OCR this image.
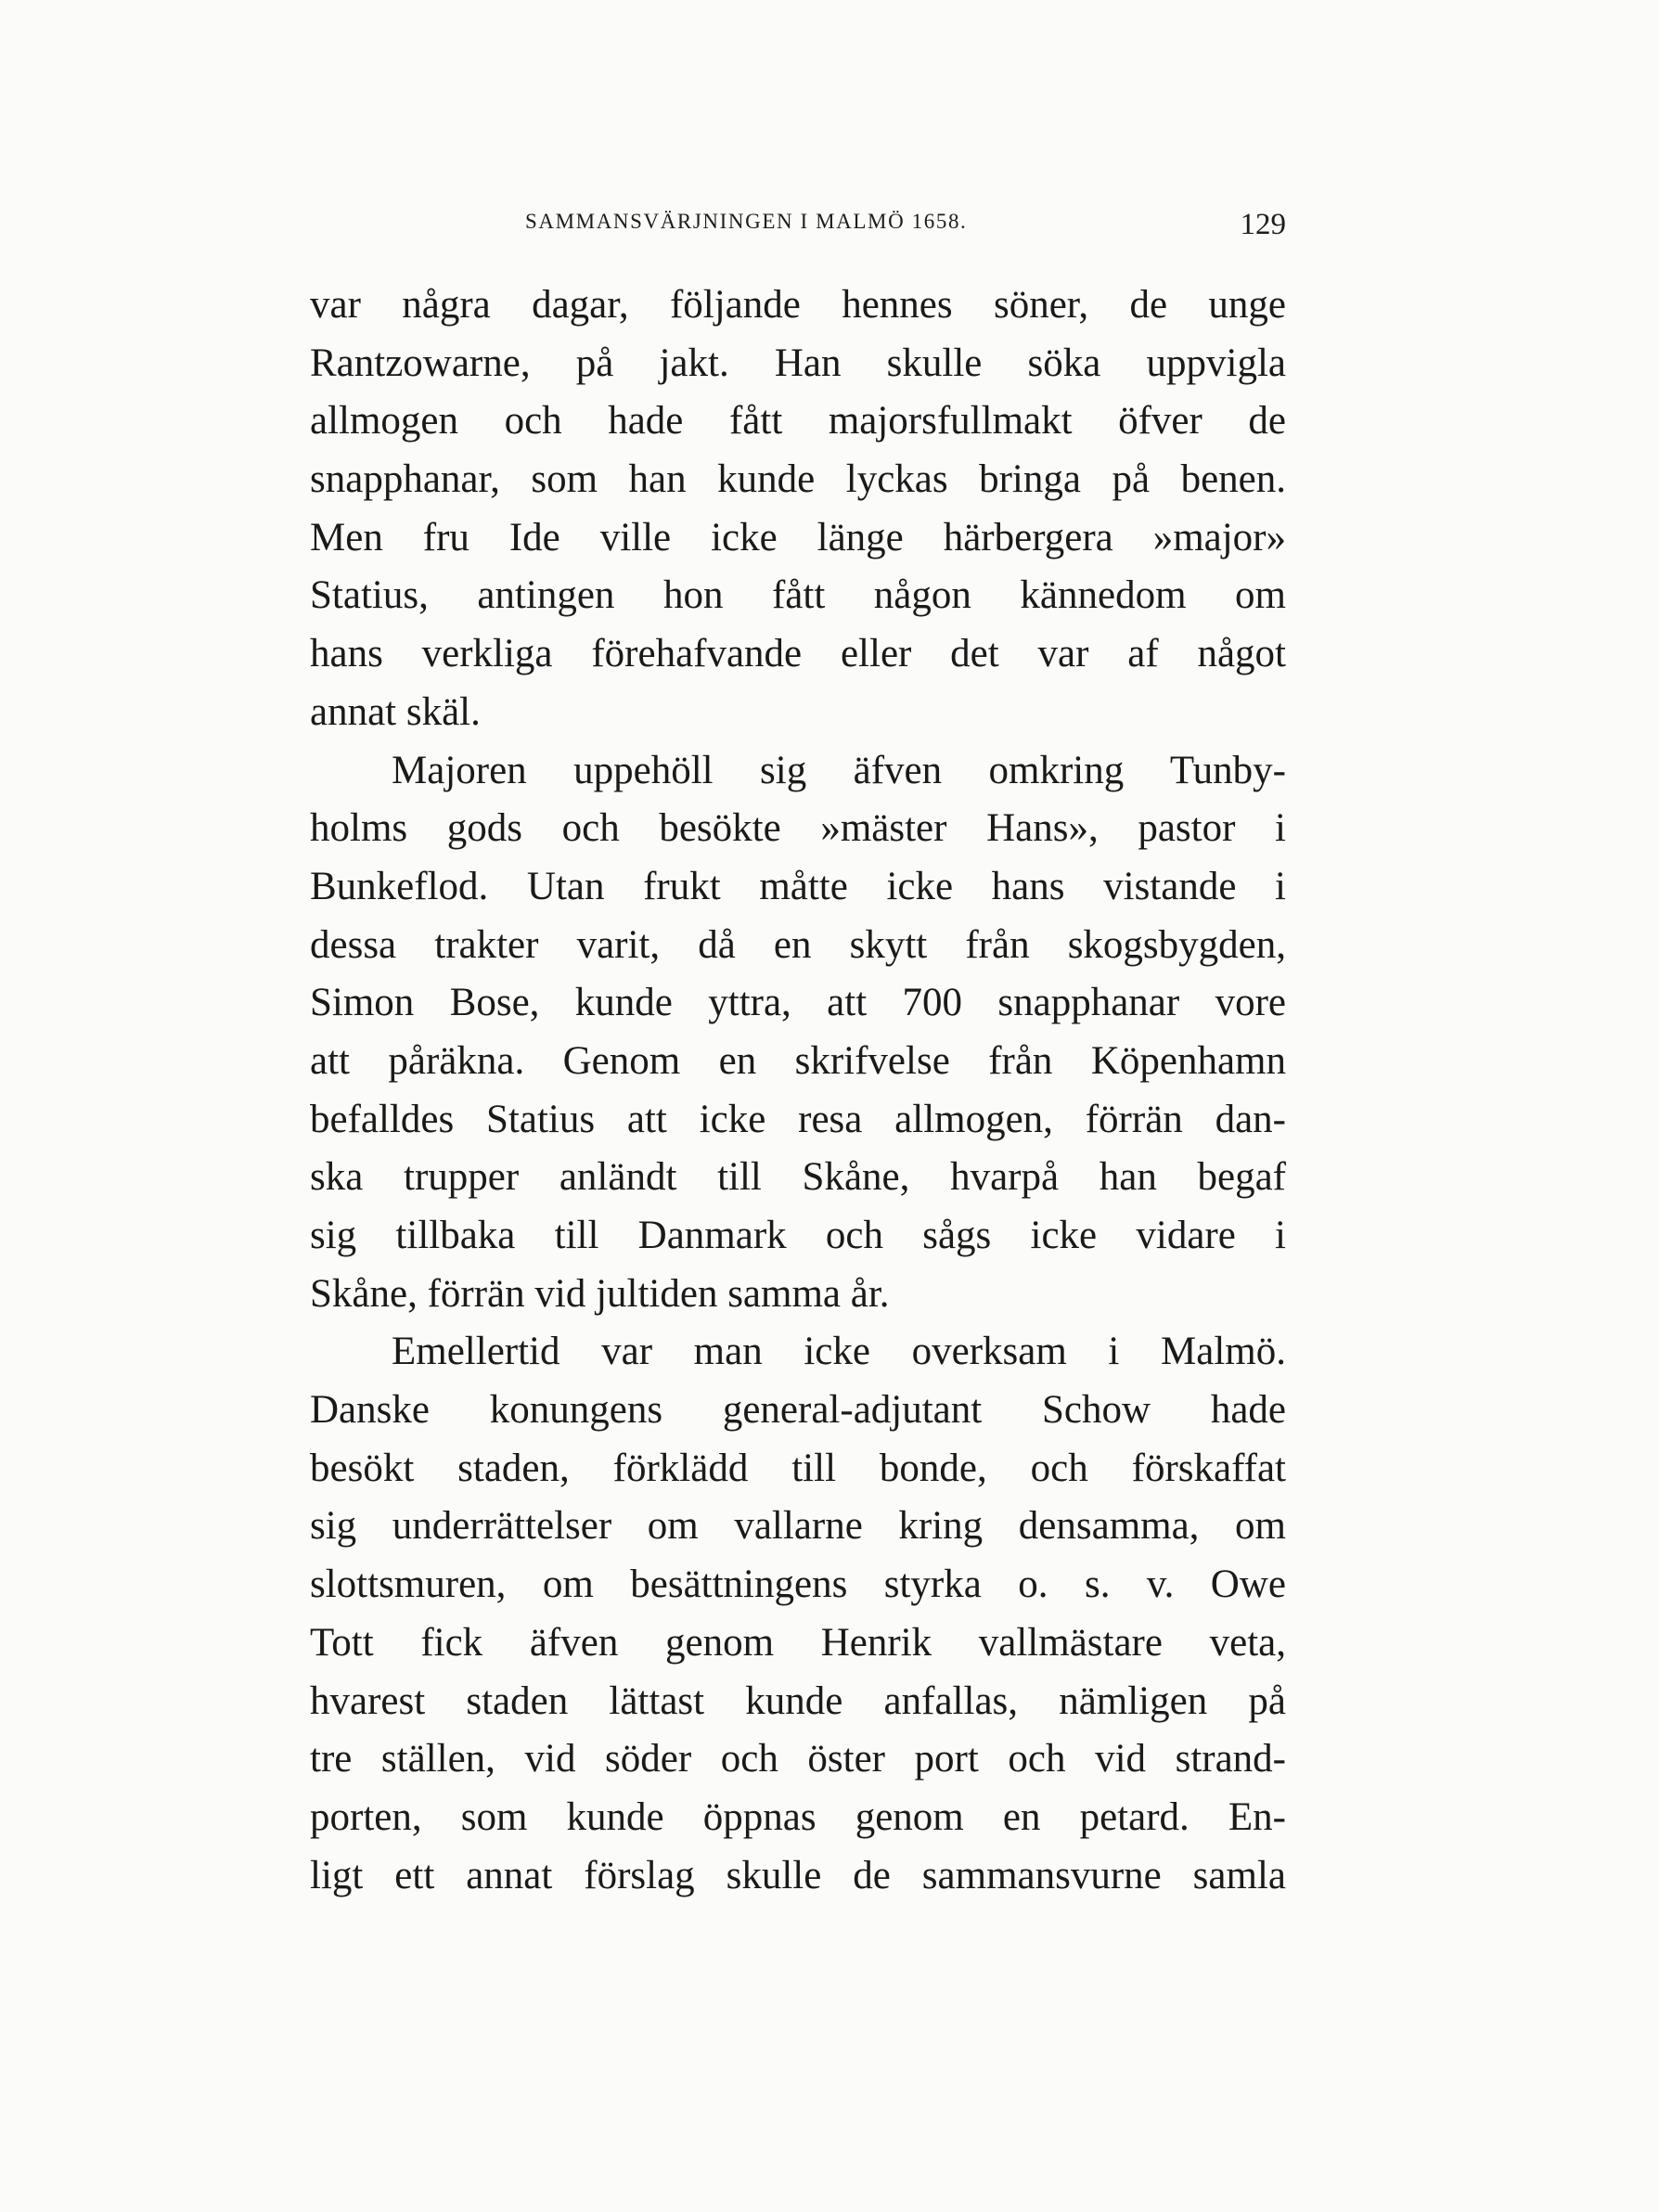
SAMMANSVÄRJNINGEN I MALMÖ 1658.	129
var några dagar, följande hennes söner, de unge
Rantzowarne, på jakt. Han skulle söka uppvigla
allmogen och hade fått majorsfullmakt öfver de
snapphanar, som han kunde lyckas bringa på benen.
Men fru Ide ville icke länge härbergera »major»
Statius, antingen hon fått någon kännedom om
hans verkliga förehafvande eller det var af något
annat skäl.
Majoren uppehöll sig äfven omkring Tunby-
holms gods och besökte »mäster Hans», pastor i
Bunkeflod. Utan frukt måtte icke hans vistande i
dessa trakter varit, då en skytt från skogsbygden,
Simon Bose, kunde yttra, att 700 snapphanar vore
att påräkna. Genom en skrifvelse från Köpenhamn
befalldes Statius att icke resa allmogen, förrän dan-
ska trupper anländt till Skåne, hvarpå han begaf
sig tillbaka till Danmark och sågs icke vidare i
Skåne, förrän vid jultiden samma år.
Emellertid var man icke overksam i Malmö.
Danske konungens general-adjutant Schow hade
besökt staden, förklädd till bonde, och förskaffat
sig underrättelser om vallarne kring densamma, om
slottsmuren, om besättningens styrka o. s. v. Owe
Tott fick äfven genom Henrik vallmästare veta,
hvarest staden lättast kunde anfallas, nämligen på
tre ställen, vid söder och öster port och vid strand-
porten, som kunde öppnas genom en petard. En-
ligt ett annat förslag skulle de sammansvurne samla
